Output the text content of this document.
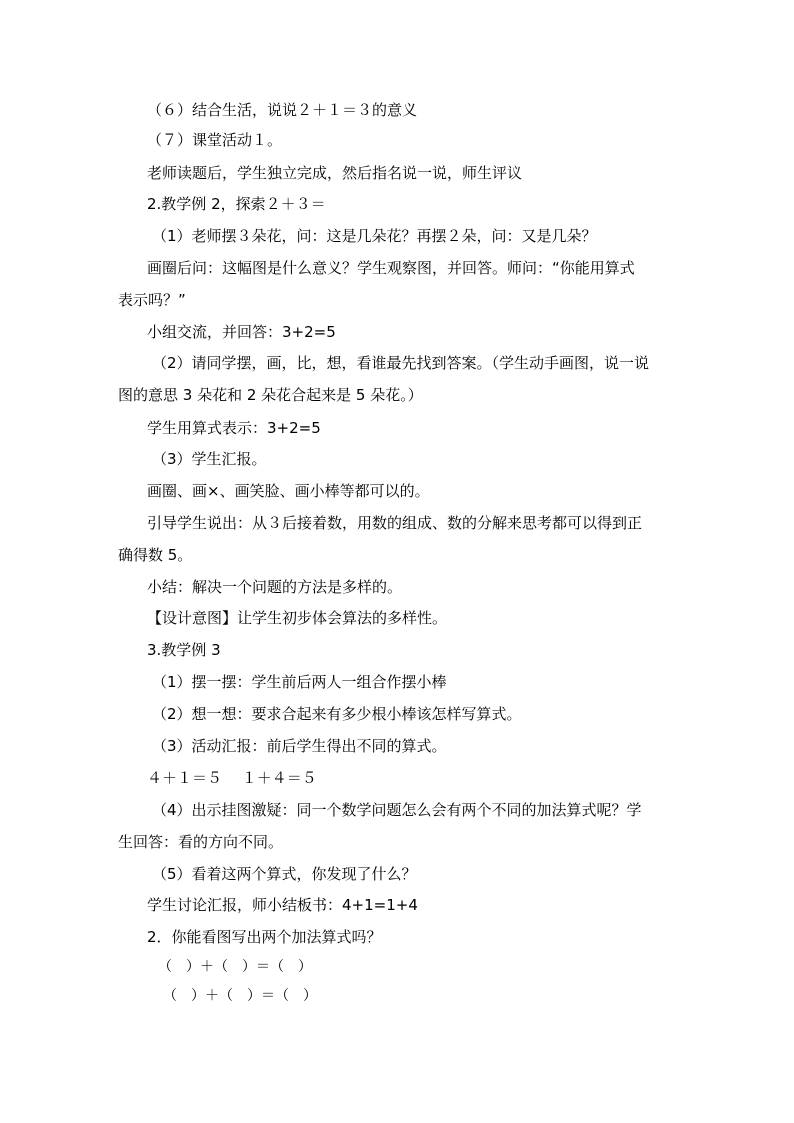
（６）结合生活，说说２＋１＝３的意义
（７）课堂活动１。
老师读题后，学生独立完成，然后指名说一说，师生评议
2.教学例 2，探索２＋３＝
（1）老师摆３朵花，问：这是几朵花？再摆２朵，问：又是几朵？
画圈后问：这幅图是什么意义？学生观察图，并回答。师问：“你能用算式
表示吗？”
小组交流，并回答：3+2=5
（2）请同学摆，画，比，想，看谁最先找到答案。（学生动手画图，说一说
图的意思 3 朵花和 2 朵花合起来是 5 朵花。）
学生用算式表示：3+2=5
（3）学生汇报。
画圈、画×、画笑脸、画小棒等都可以的。
引导学生说出：从３后接着数，用数的组成、数的分解来思考都可以得到正
确得数 5。
小结：解决一个问题的方法是多样的。
【设计意图】让学生初步体会算法的多样性。
3.教学例 3
（1）摆一摆：学生前后两人一组合作摆小棒
（2）想一想：要求合起来有多少根小棒该怎样写算式。
（3）活动汇报：前后学生得出不同的算式。
４＋１＝５　 １＋４＝５
（4）出示挂图激疑：同一个数学问题怎么会有两个不同的加法算式呢？学
生回答：看的方向不同。
（5）看着这两个算式，你发现了什么？
学生讨论汇报，师小结板书：4+1=1+4
2．你能看图写出两个加法算式吗？
（　）＋（　）＝（　）
（　）＋（　）＝（　）
